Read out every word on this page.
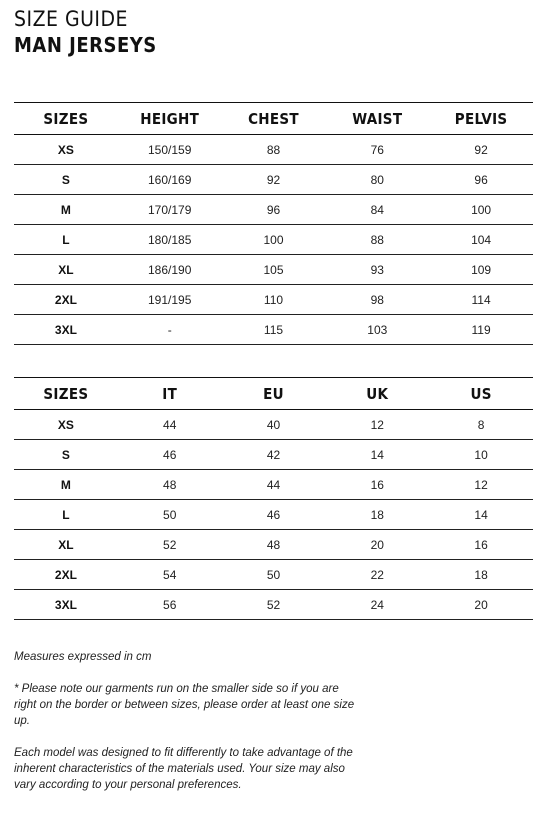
SIZE GUIDE
MAN JERSEYS
SIZES	HEIGHT	CHEST	WAIST	PELVIS
XS	150/159	88	76	92
S	160/169	92	80	96
M	170/179	96	84	100
L	180/185	100	88	104
XL	186/190	105	93	109
2XL	191/195	110	98	114
3XL	-	115	103	119
SIZES	IT	EU	UK	US
XS	44	40	12	8
S	46	42	14	10
M	48	44	16	12
L	50	46	18	14
XL	52	48	20	16
2XL	54	50	22	18
3XL	56	52	24	20

Measures expressed in cm

* Please note our garments run on the smaller side so if you are right on the border or between sizes, please order at least one size up.

Each model was designed to fit differently to take advantage of the inherent characteristics of the materials used. Your size may also vary according to your personal preferences.
